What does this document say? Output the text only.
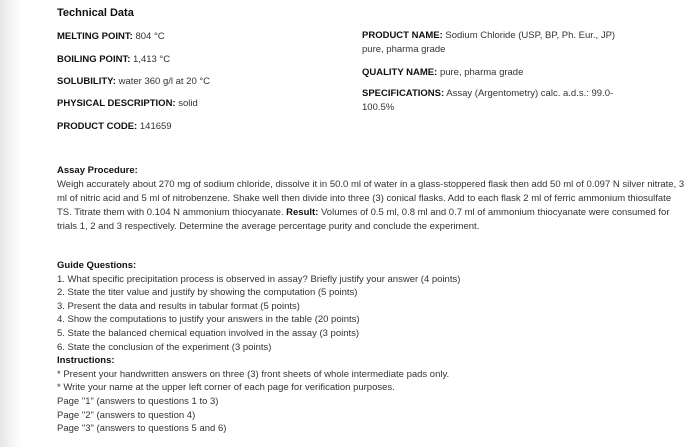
Technical Data
MELTING POINT: 804 °C
BOILING POINT: 1,413 °C
SOLUBILITY: water 360 g/l at 20 °C
PHYSICAL DESCRIPTION: solid
PRODUCT CODE: 141659
PRODUCT NAME: Sodium Chloride (USP, BP, Ph. Eur., JP) pure, pharma grade
QUALITY NAME: pure, pharma grade
SPECIFICATIONS: Assay (Argentometry) calc. a.d.s.: 99.0-100.5%
Assay Procedure:
Weigh accurately about 270 mg of sodium chloride, dissolve it in 50.0 ml of water in a glass-stoppered flask then add 50 ml of 0.097 N silver nitrate, 3 ml of nitric acid and 5 ml of nitrobenzene. Shake well then divide into three (3) conical flasks. Add to each flask 2 ml of ferric ammonium thiosulfate TS. Titrate them with 0.104 N ammonium thiocyanate. Result: Volumes of 0.5 ml, 0.8 ml and 0.7 ml of ammonium thiocyanate were consumed for trials 1, 2 and 3 respectively. Determine the average percentage purity and conclude the experiment.
Guide Questions:
1. What specific precipitation process is observed in assay? Briefly justify your answer (4 points)
2. State the titer value and justify by showing the computation (5 points)
3. Present the data and results in tabular format (5 points)
4. Show the computations to justify your answers in the table (20 points)
5. State the balanced chemical equation involved in the assay (3 points)
6. State the conclusion of the experiment (3 points)
Instructions:
* Present your handwritten answers on three (3) front sheets of whole intermediate pads only.
* Write your name at the upper left corner of each page for verification purposes.
Page "1" (answers to questions 1 to 3)
Page "2" (answers to question 4)
Page "3" (answers to questions 5 and 6)
